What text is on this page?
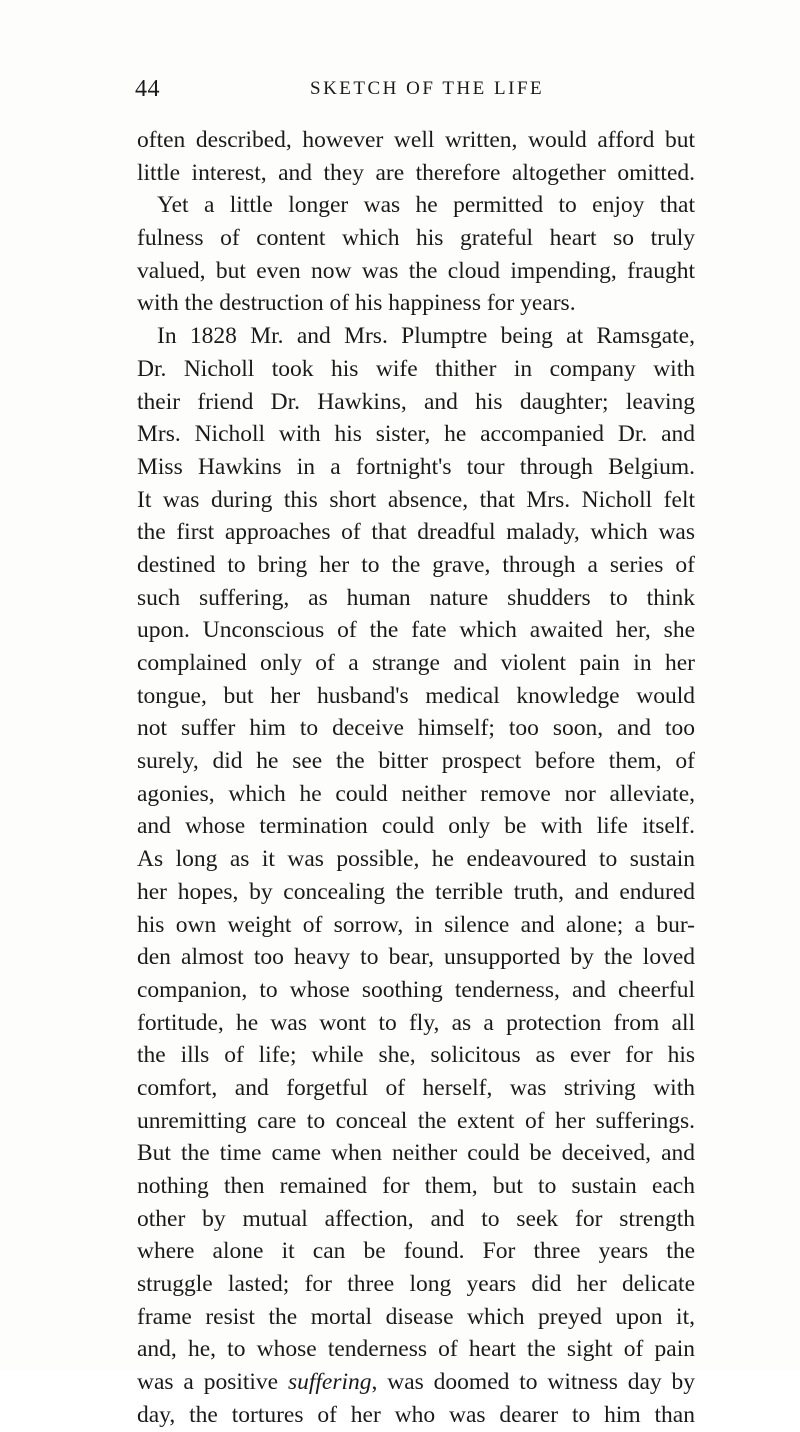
44	SKETCH OF THE LIFE
often described, however well written, would afford but
little interest, and they are therefore altogether omitted.
Yet a little longer was he permitted to enjoy that
fulness of content which his grateful heart so truly
valued, but even now was the cloud impending, fraught
with the destruction of his happiness for years.
In 1828 Mr. and Mrs. Plumptre being at Ramsgate,
Dr. Nicholl took his wife thither in company with
their friend Dr. Hawkins, and his daughter; leaving
Mrs. Nicholl with his sister, he accompanied Dr. and
Miss Hawkins in a fortnight's tour through Belgium.
It was during this short absence, that Mrs. Nicholl felt
the first approaches of that dreadful malady, which was
destined to bring her to the grave, through a series of
such suffering, as human nature shudders to think
upon. Unconscious of the fate which awaited her, she
complained only of a strange and violent pain in her
tongue, but her husband's medical knowledge would
not suffer him to deceive himself; too soon, and too
surely, did he see the bitter prospect before them, of
agonies, which he could neither remove nor alleviate,
and whose termination could only be with life itself.
As long as it was possible, he endeavoured to sustain
her hopes, by concealing the terrible truth, and endured
his own weight of sorrow, in silence and alone; a bur-
den almost too heavy to bear, unsupported by the loved
companion, to whose soothing tenderness, and cheerful
fortitude, he was wont to fly, as a protection from all
the ills of life; while she, solicitous as ever for his
comfort, and forgetful of herself, was striving with
unremitting care to conceal the extent of her sufferings.
But the time came when neither could be deceived, and
nothing then remained for them, but to sustain each
other by mutual affection, and to seek for strength
where alone it can be found. For three years the
struggle lasted; for three long years did her delicate
frame resist the mortal disease which preyed upon it,
and, he, to whose tenderness of heart the sight of pain
was a positive suffering, was doomed to witness day by
day, the tortures of her who was dearer to him than
